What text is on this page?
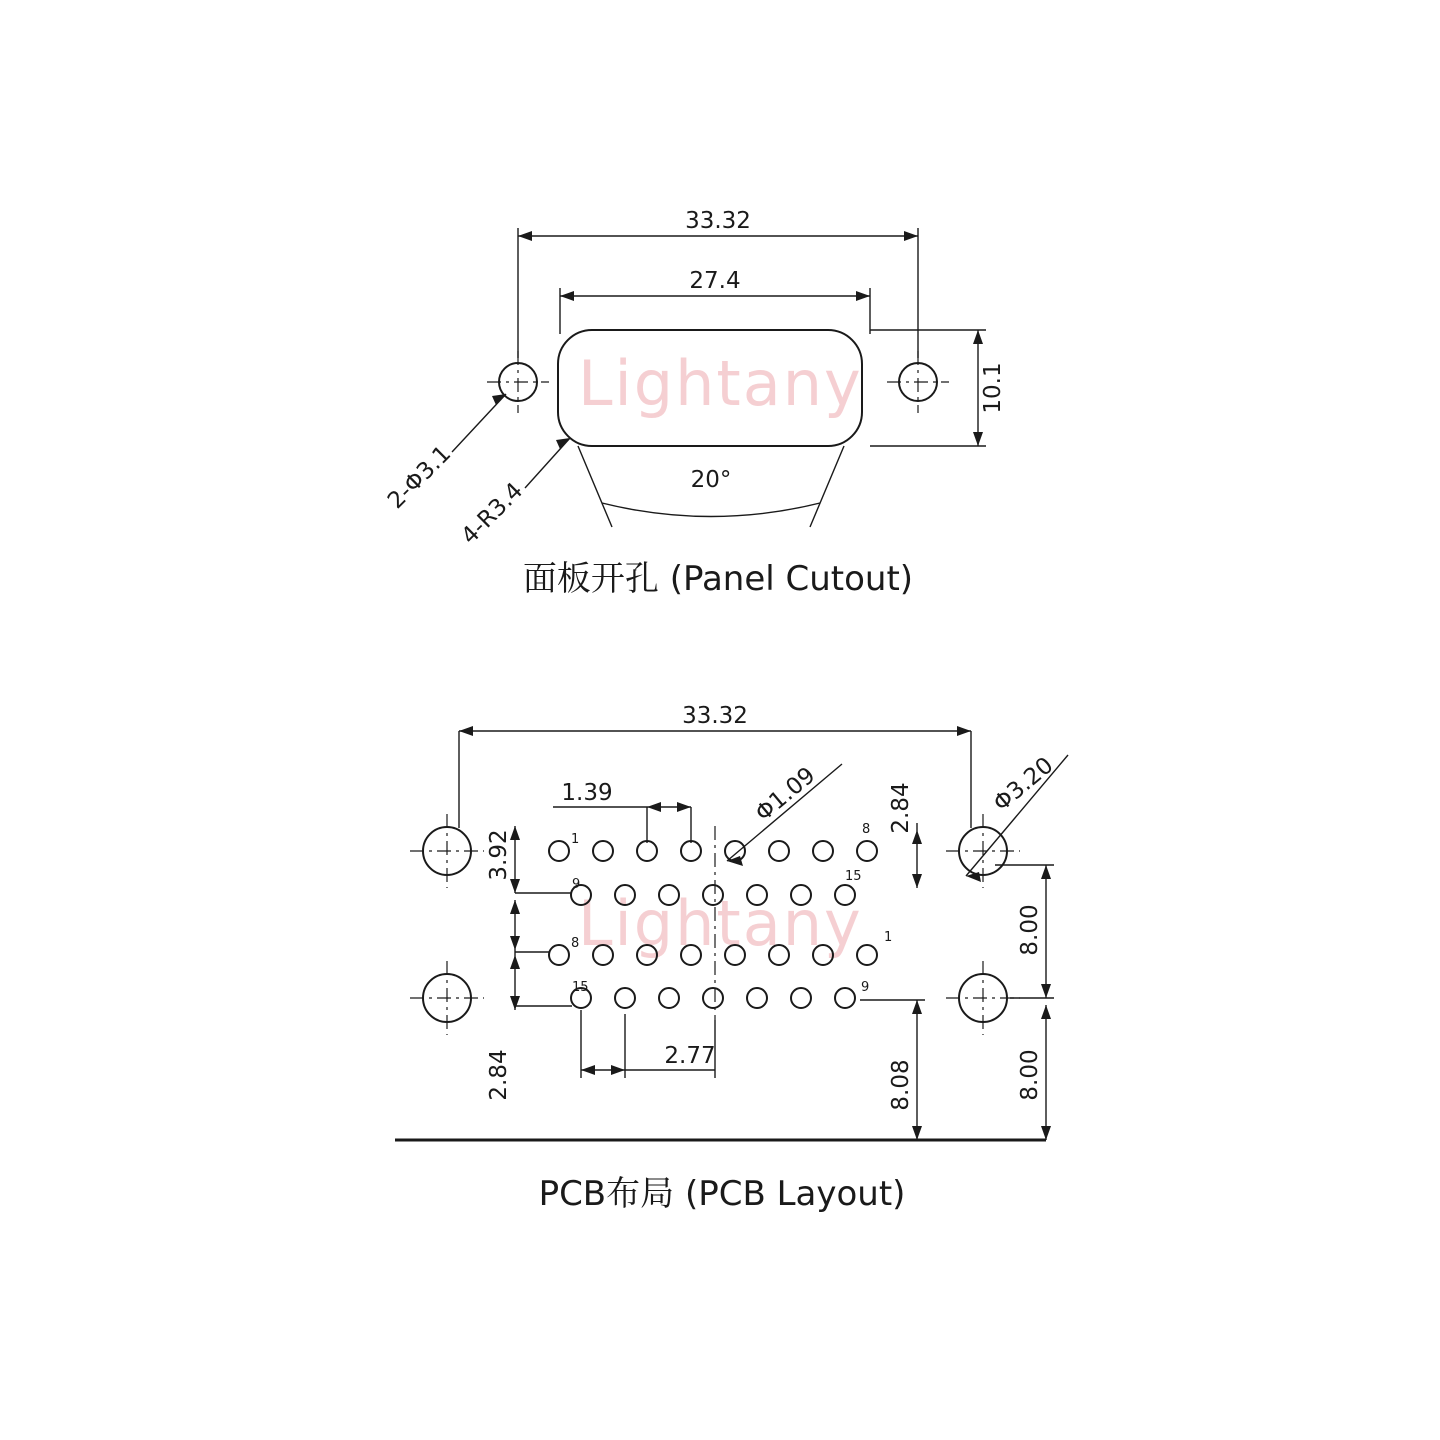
Lightany
33.32
27.4
10.1
2-Φ3.1 4-R3.4	20°
面板开孔 (Panel Cutout)
Lightany
1
8
9
15
8	1
15	9
33.32
1.39	Φ1.09	2.84	Φ3.20
3.92
2.84	2.77
8.08
8.00
8.00
PCB布局 (PCB Layout)
